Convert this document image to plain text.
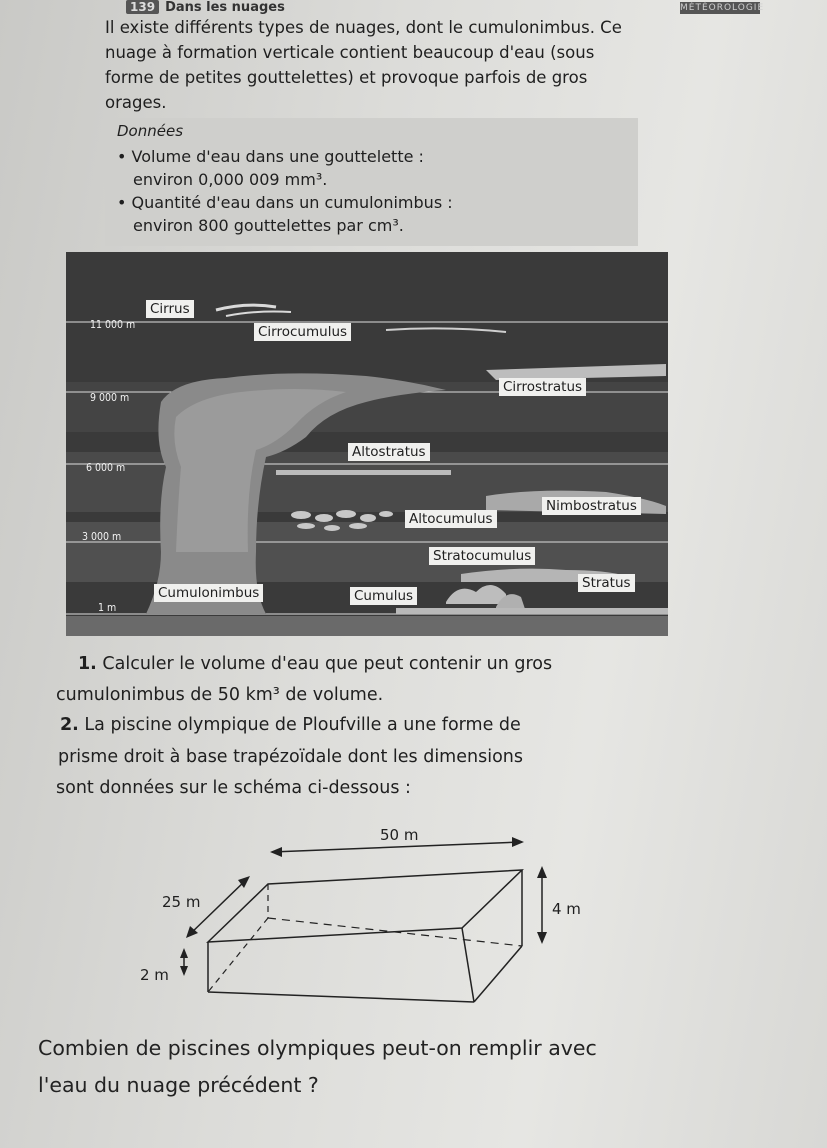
139 Dans les nuages	MÉTÉOROLOGIE
Il existe différents types de nuages, dont le cumulonimbus. Ce nuage à formation verticale contient beaucoup d'eau (sous forme de petites gouttelettes) et provoque parfois de gros orages.
Données
• Volume d'eau dans une gouttelette :
environ 0,000 009 mm³.
• Quantité d'eau dans un cumulonimbus :
environ 800 gouttelettes par cm³.
11 000 m
9 000 m
6 000 m
3 000 m
1 m
Cirrus
Cirrocumulus
Cirrostratus
Altostratus
Nimbostratus
Altocumulus
Stratocumulus
Stratus
Cumulonimbus	Cumulus
1. Calculer le volume d'eau que peut contenir un gros
cumulonimbus de 50 km³ de volume.
2. La piscine olympique de Ploufville a une forme de
prisme droit à base trapézoïdale dont les dimensions
sont données sur le schéma ci-dessous :
50 m
25 m	4 m
2 m
Combien de piscines olympiques peut-on remplir avec
l'eau du nuage précédent ?
